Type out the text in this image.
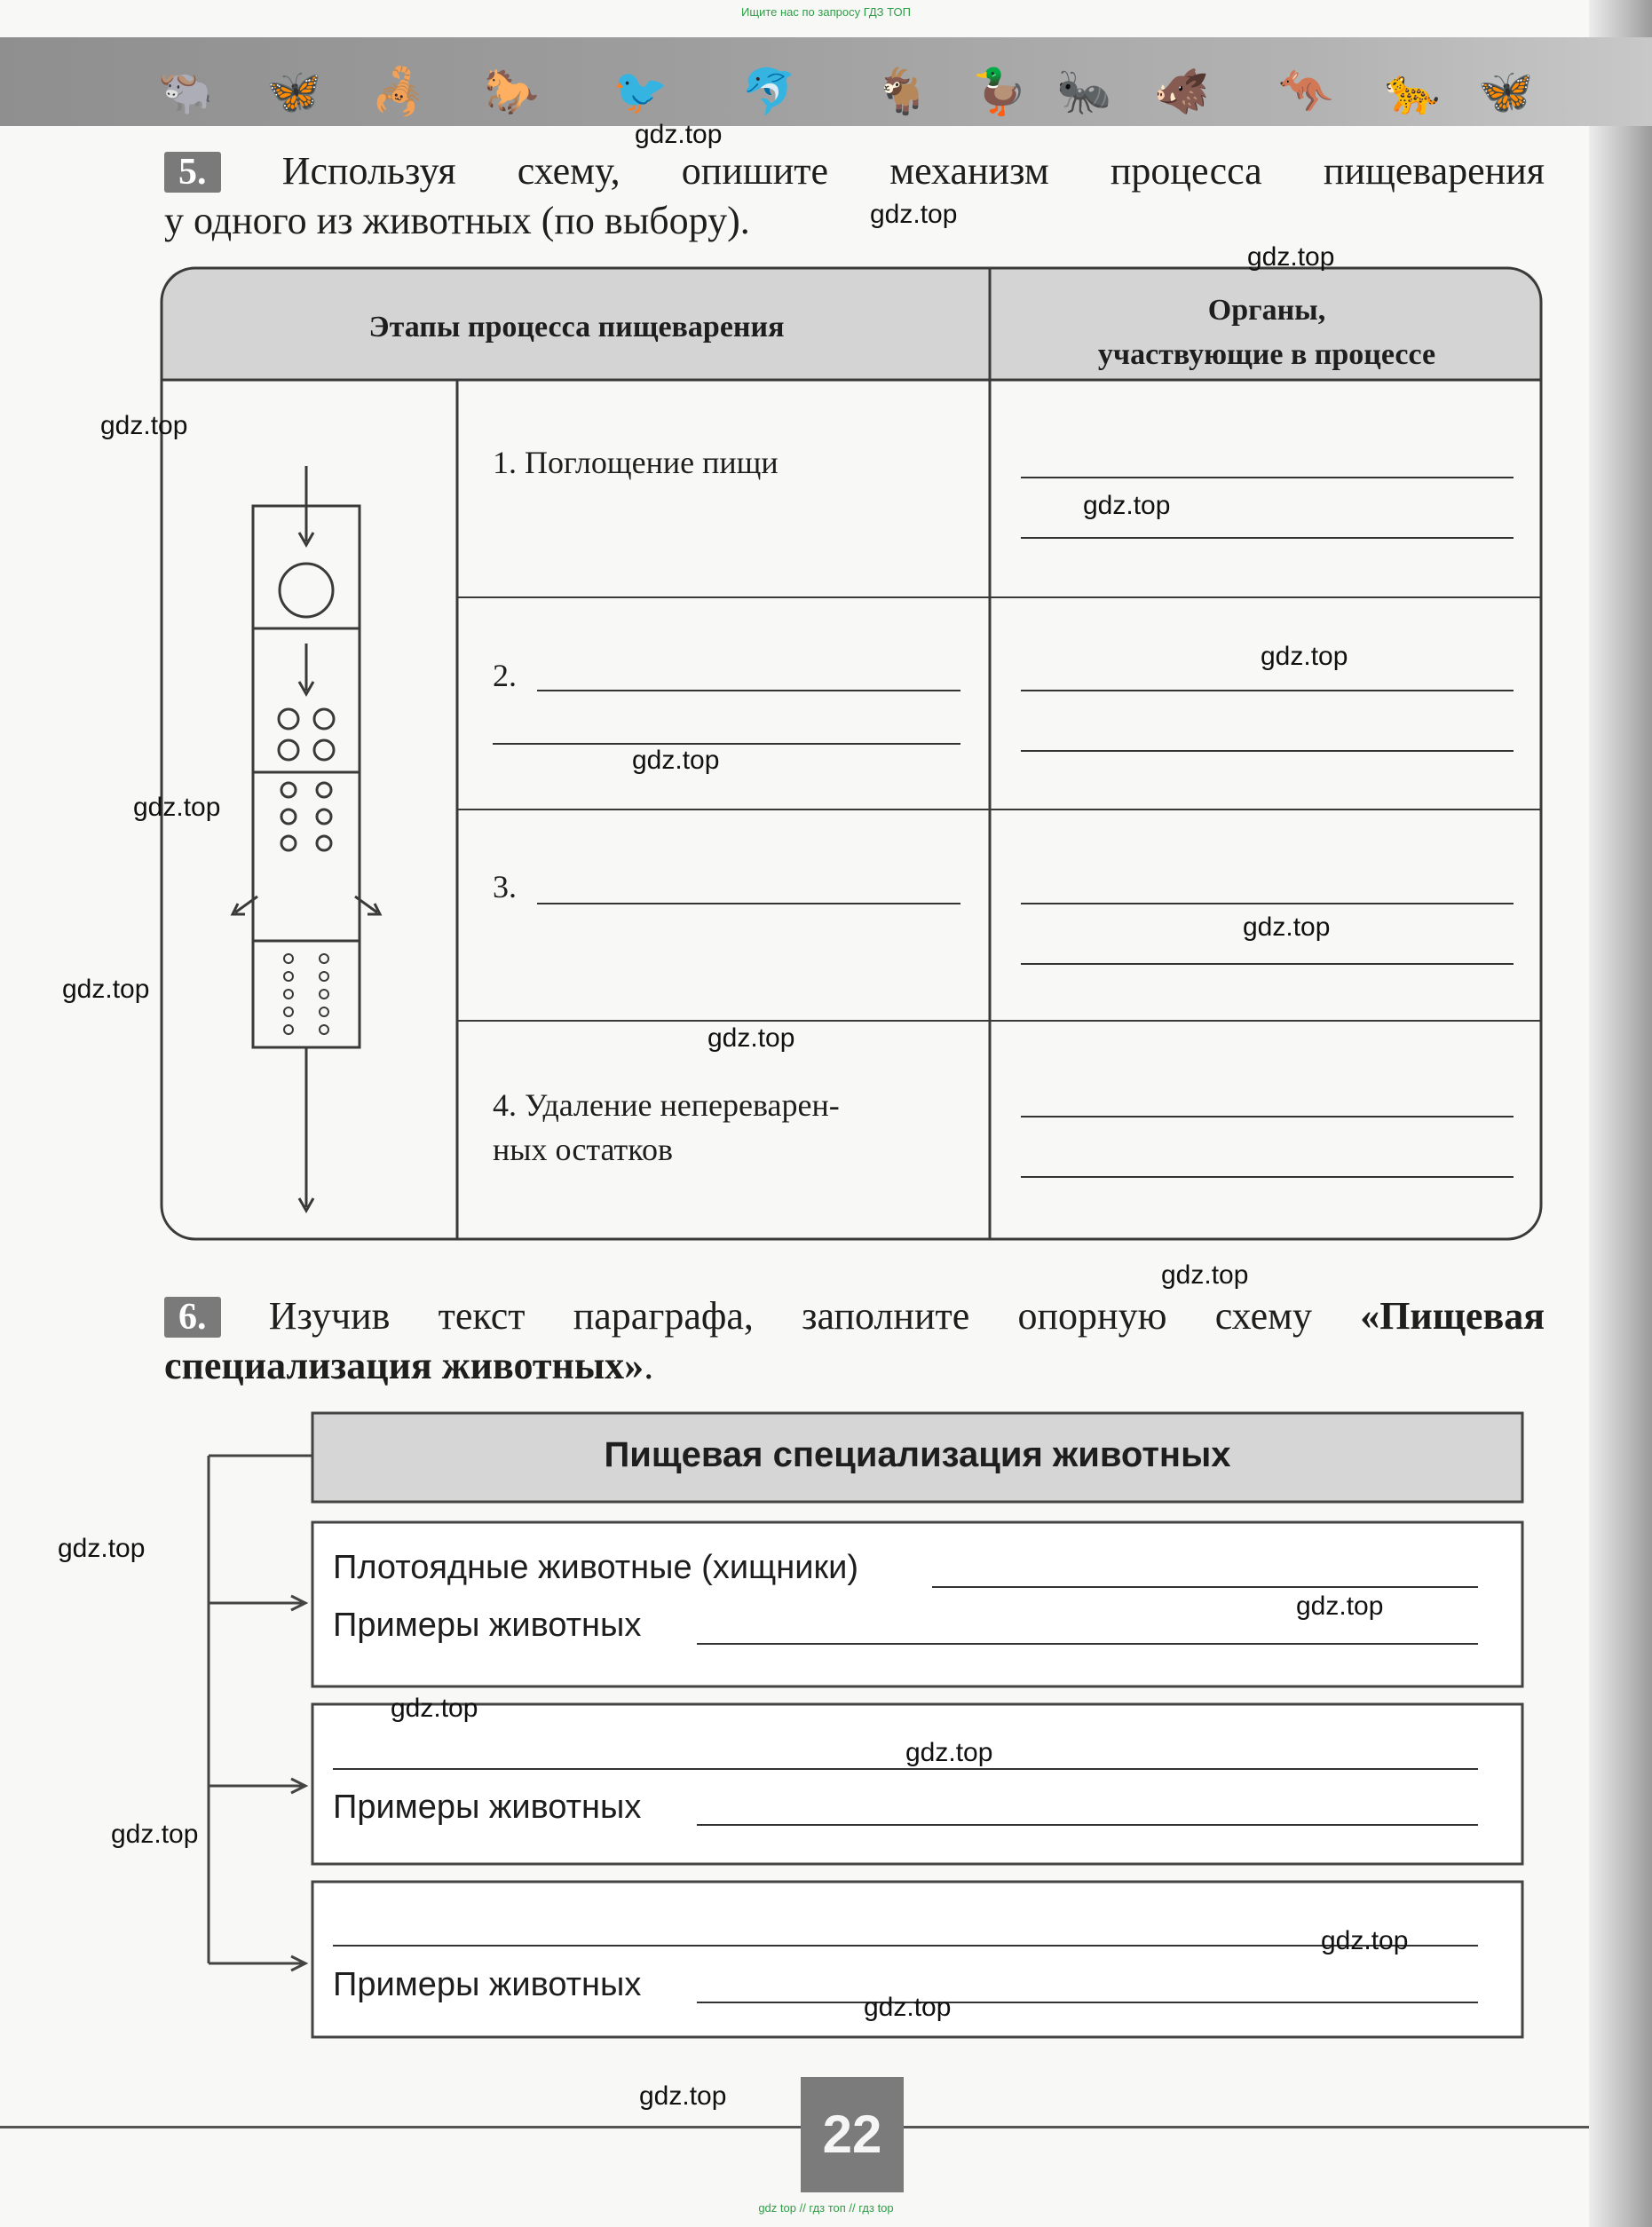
Ищите нас по запросу ГДЗ ТОП
🐃 🦋 🦂 🐎 🐦 🐬 🐐 🦆 🐜 🐗 🦘 🐆 🦋
5. Используя схему, опишите механизм процесса пищеварения
у одного из животных (по выбору).
Этапы процесса пищеварения
Органы,
участвующие в процессе
1. Поглощение пищи
2.
3.
4. Удаление непереварен-
ных остатков
6. Изучив текст параграфа, заполните опорную схему «Пищевая
специализация животных».
Пищевая специализация животных
Плотоядные животные (хищники)
Примеры животных
Примеры животных
Примеры животных
22
gdz top // гдз топ // гдз top
gdz.top
gdz.top
gdz.top
gdz.top
gdz.top
gdz.top
gdz.top
gdz.top
gdz.top
gdz.top
gdz.top
gdz.top
gdz.top
gdz.top
gdz.top
gdz.top
gdz.top
gdz.top
gdz.top
gdz.top
